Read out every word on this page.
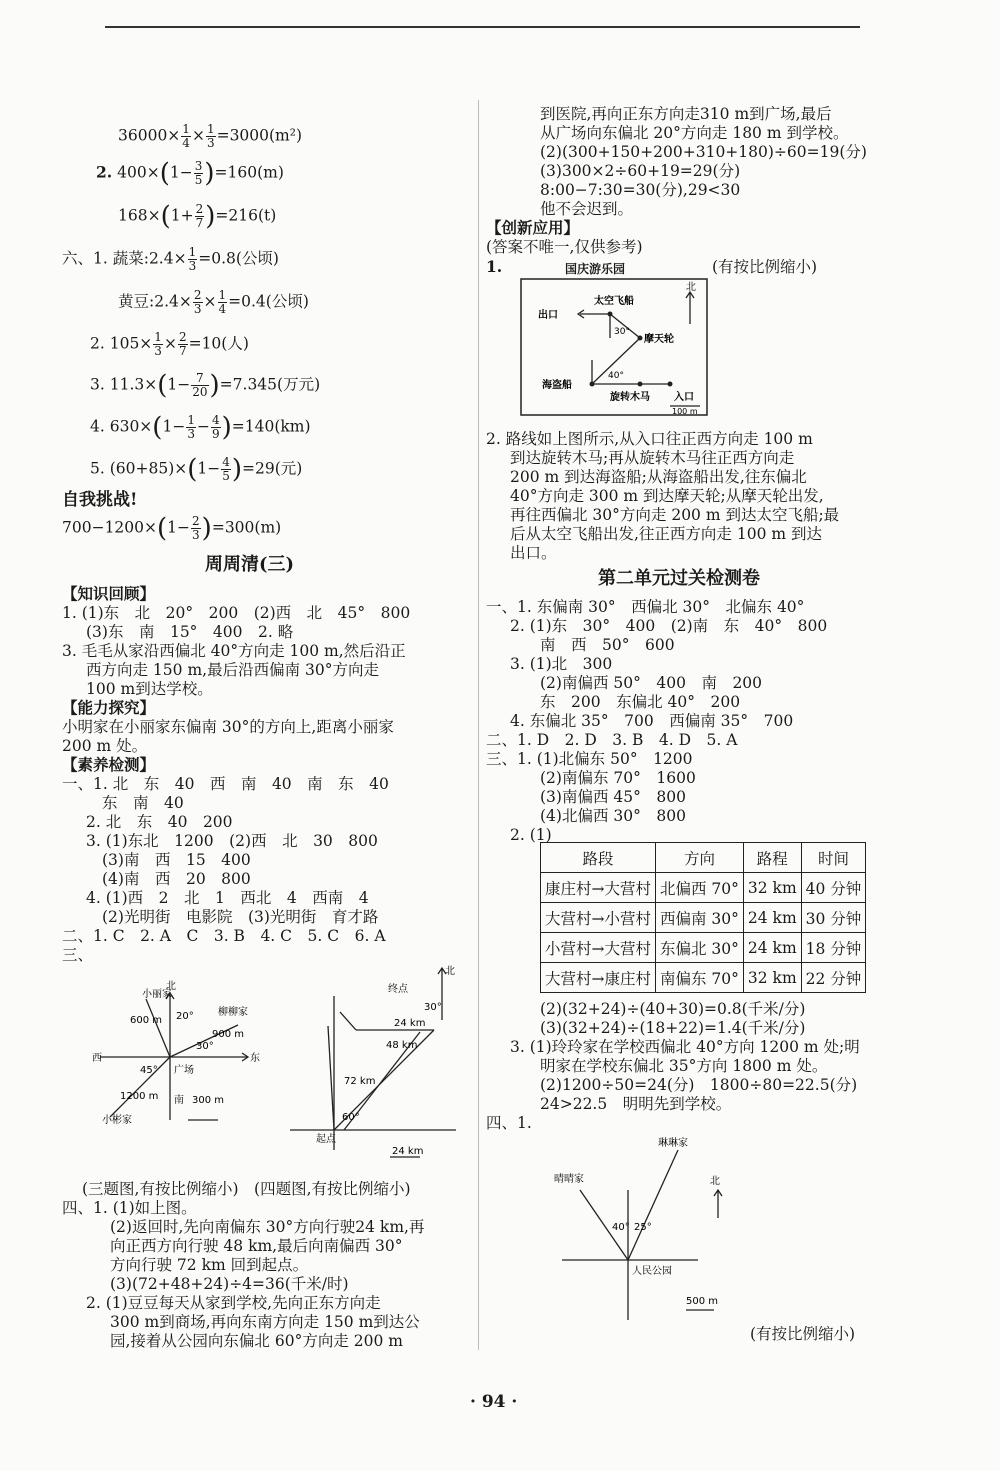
$36000\times \frac{1}{4} \times \frac{1}{3} =3000(m^2)$
2. $400\times(1- \frac{3}{5} )=160(m)$
$168\times(1+ \frac{2}{7} )=216(t)$
六、1. 蔬菜:2.4× $\frac{1}{3} =0.8$(公顷)
黄豆:2.4× $\frac{2}{3} \times \frac{1}{4} =0.4$(公顷)
2. $105\times \frac{1}{3} \times \frac{2}{7} =10$(人)
3. $11.3\times(1- \frac{7}{20} )=7.345$(万元)
4. $630\times(1- \frac{1}{3} - \frac{4}{9} )=140(km)$
5. $(60+85)\times(1- \frac{4}{5} )=29$(元)
自我挑战!
$700-1200\times(1- \frac{2}{3} )=300(m)$
周周清(三)
【知识回顾】
1. (1)东　北　20°　200　(2)西　北　45°　800
(3)东　南　15°　400　2. 略
3. 毛毛从家沿西偏北 40°方向走 100 m,然后沿正
西方向走 150 m,最后沿西偏南 30°方向走
100 m到达学校。
【能力探究】
小明家在小丽家东偏南 30°的方向上,距离小丽家
200 m 处。
【素养检测】
一、1. 北　东　40　西　南　40　南　东　40
东　南　40
2. 北　东　40　200
3. (1)东北　1200　(2)西　北　30　800
(3)南　西　15　400
(4)南　西　20　800
4. (1)西　2　北　1　西北　4　西南　4
(2)光明街　电影院　(3)光明街　育才路
二、1. C　2. A　C　3. B　4. C　5. C　6. A
三、
小丽家
北
柳柳家
600 m 20°
30°
900 m
西	东
45° 广场
1200 m 南 300 m
小彬家
终点
北
30°
24 km
48 km
72 km
60°
起点
24 km
(三题图,有按比例缩小)　(四题图,有按比例缩小)
四、1. (1)如上图。
(2)返回时,先向南偏东 30°方向行驶24 km,再
向正西方向行驶 48 km,最后向南偏西 30°
方向行驶 72 km 回到起点。
(3)(72+48+24)÷4=36(千米/时)
2. (1)豆豆每天从家到学校,先向正东方向走
300 m到商场,再向东南方向走 150 m到达公
园,接着从公园向东偏北 60°方向走 200 m
到医院,再向正东方向走310 m到广场,最后
从广场向东偏北 20°方向走 180 m 到学校。
(2)(300+150+200+310+180)÷60=19(分)
(3)300×2÷60+19=29(分)
8:00−7:30=30(分),29<30
他不会迟到。
【创新应用】
(答案不唯一,仅供参考)
1.	国庆游乐园	(有按比例缩小)
北
太空飞船
出口
30°
摩天轮
40°
海盗船
旋转木马 入口
100 m
2. 路线如上图所示,从入口往正西方向走 100 m
到达旋转木马;再从旋转木马往正西方向走
200 m 到达海盗船;从海盗船出发,往东偏北
40°方向走 300 m 到达摩天轮;从摩天轮出发,
再往西偏北 30°方向走 200 m 到达太空飞船;最
后从太空飞船出发,往正西方向走 100 m 到达
出口。
第二单元过关检测卷
一、1. 东偏南 30°　西偏北 30°　北偏东 40°
2. (1)东　30°　400　(2)南　东　40°　800
南　西　50°　600
3. (1)北　300
(2)南偏西 50°　400　南　200
东　200　东偏北 40°　200
4. 东偏北 35°　700　西偏南 35°　700
二、1. D　2. D　3. B　4. D　5. A
三、1. (1)北偏东 50°　1200
(2)南偏东 70°　1600
(3)南偏西 45°　800
(4)北偏西 30°　800
2. (1)
路段	方向	路程	时间
康庄村→大营村	北偏西 70°	32 km	40 分钟
大营村→小营村	西偏南 30°	24 km	30 分钟
小营村→大营村	东偏北 30°	24 km	18 分钟
大营村→康庄村	南偏东 70°	32 km	22 分钟
(2)(32+24)÷(40+30)=0.8(千米/分)
(3)(32+24)÷(18+22)=1.4(千米/分)
3. (1)玲玲家在学校西偏北 40°方向 1200 m 处;明
明家在学校东偏北 35°方向 1800 m 处。
(2)1200÷50=24(分)　1800÷80=22.5(分)
24>22.5　明明先到学校。
四、1.
琳琳家
晴晴家	北
40° 25°
人民公园
500 m
(有按比例缩小)
· 94 ·
